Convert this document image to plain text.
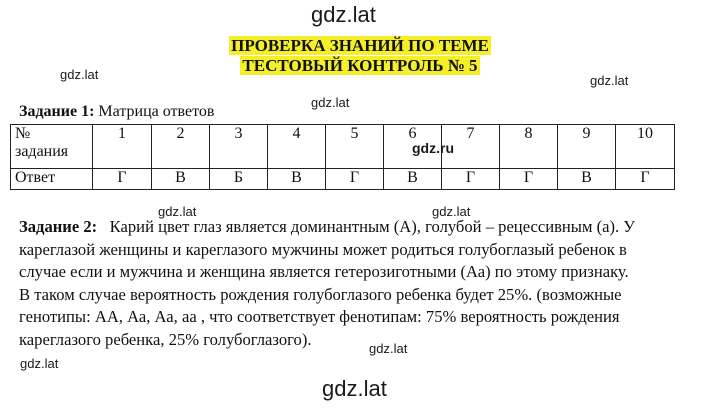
gdz.lat
ПРОВЕРКА ЗНАНИЙ ПО ТЕМЕ
ТЕСТОВЫЙ КОНТРОЛЬ № 5
gdz.lat	gdz.lat
gdz.lat
Задание 1: Матрица ответов
№
задания	1	2	3	4	5	6	7	8	9	10
Ответ	Г	В	Б	В	Г	В	Г	Г	В	Г
gdz.ru
Задание 2: Карий цвет глаз является доминантным (А), голубой – рецессивным (а). У
кареглазой женщины и кареглазого мужчины может родиться голубоглазый ребенок в
случае если и мужчина и женщина является гетерозиготными (Аа) по этому признаку.
В таком случае вероятность рождения голубоглазого ребенка будет 25%. (возможные
генотипы: АА, Аа, Аа, аа , что соответствует фенотипам: 75% вероятность рождения
кареглазого ребенка, 25% голубоглазого).
gdz.lat	gdz.lat
gdz.lat
gdz.lat
gdz.lat
